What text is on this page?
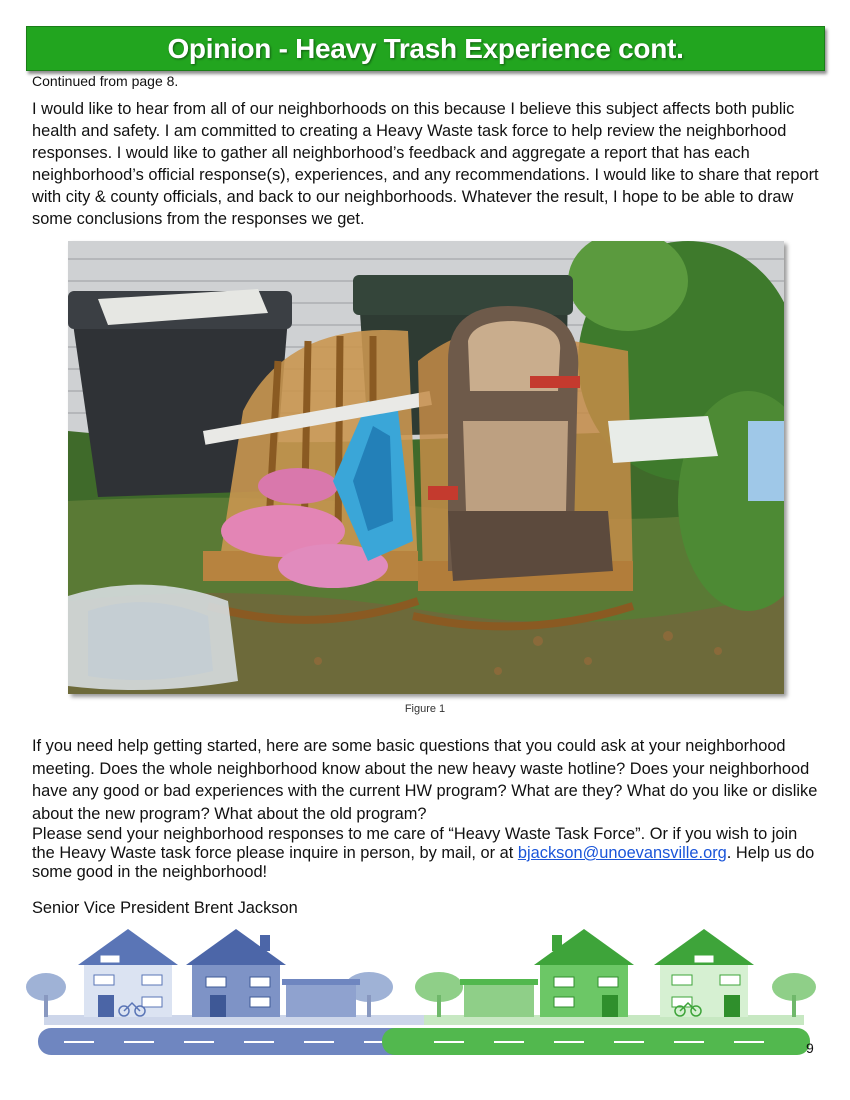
Opinion - Heavy Trash Experience cont.
Continued from page 8.

I would like to hear from all of our neighborhoods on this because I believe this subject affects both public health and safety. I am committed to creating a Heavy Waste task force to help review the neighborhood responses. I would like to gather all neighborhood’s feedback and aggregate a report that has each neighborhood’s official response(s), experiences, and any recommendations. I would like to share that report with city & county officials, and back to our neighborhoods. Whatever the result, I hope to be able to draw some conclusions from the responses we get.

Figure 1

If you need help getting started, here are some basic questions that you could ask at your neighborhood meeting. Does the whole neighborhood know about the new heavy waste hotline? Does your neighborhood have any good or bad experiences with the current HW program? What are they? What do you like or dislike about the new program? What about the old program?

Please send your neighborhood responses to me care of “Heavy Waste Task Force”. Or if you wish to join the Heavy Waste task force please inquire in person, by mail, or at bjackson@unoevansville.org. Help us do some good in the neighborhood!

Senior Vice President Brent Jackson
9
